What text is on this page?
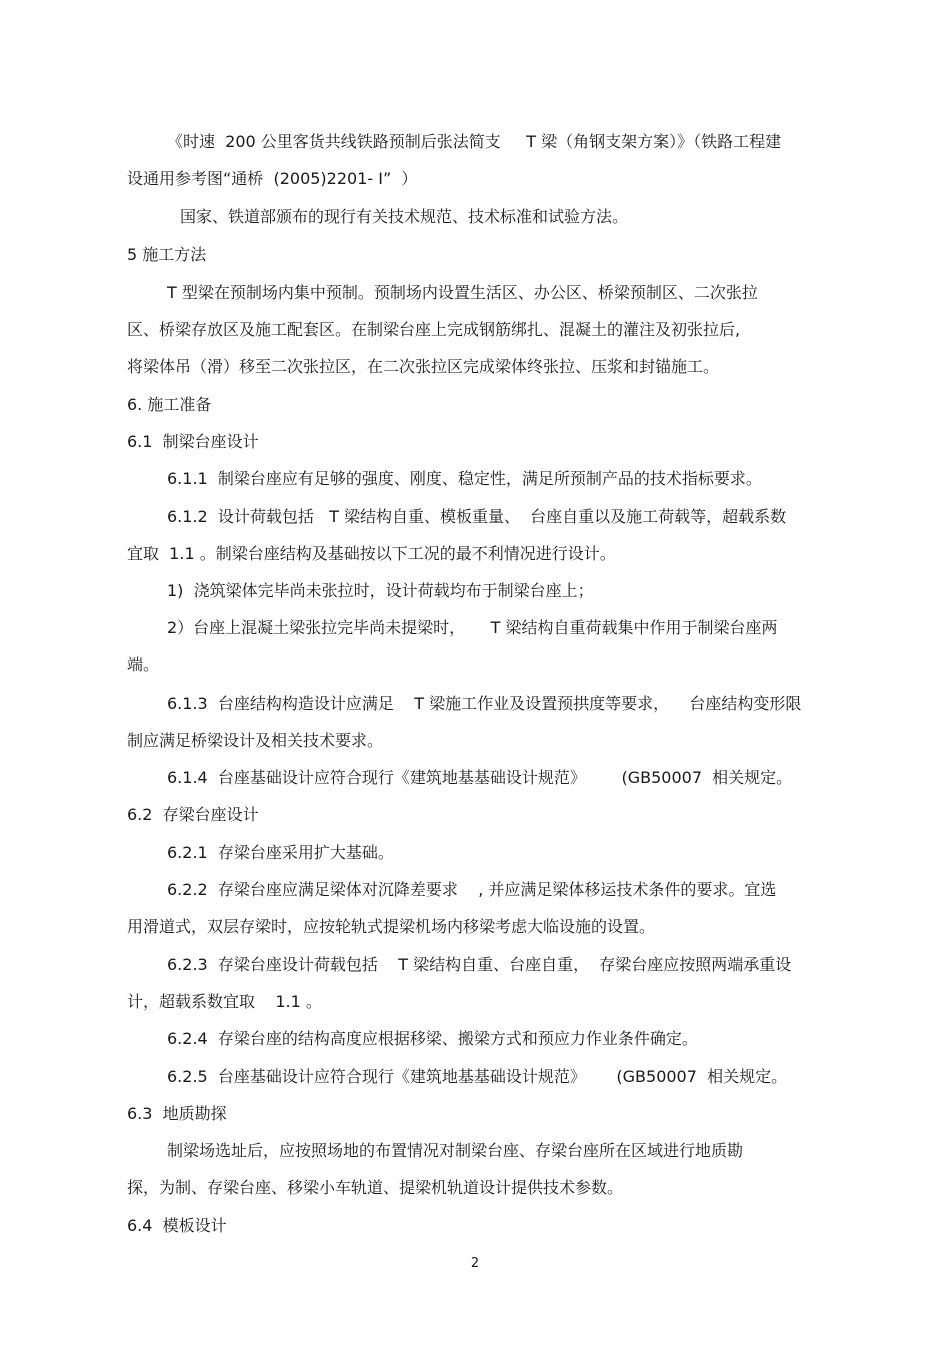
《时速  200 公里客货共线铁路预制后张法简支     T 梁（角钢支架方案）》（铁路工程建
设通用参考图“通桥  (2005)2201- Ⅰ”  ）
国家、铁道部颁布的现行有关技术规范、技术标准和试验方法。
5 施工方法
T 型梁在预制场内集中预制。预制场内设置生活区、办公区、桥梁预制区、二次张拉
区、桥梁存放区及施工配套区。在制梁台座上完成钢筋绑扎、混凝土的灌注及初张拉后,
将梁体吊（滑）移至二次张拉区，在二次张拉区完成梁体终张拉、压浆和封锚施工。
6. 施工准备
6.1  制梁台座设计
6.1.1  制梁台座应有足够的强度、刚度、稳定性，满足所预制产品的技术指标要求。
6.1.2  设计荷载包括   T 梁结构自重、模板重量、  台座自重以及施工荷载等，超载系数
宜取  1.1 。制梁台座结构及基础按以下工况的最不利情况进行设计。
1)  浇筑梁体完毕尚未张拉时，设计荷载均布于制梁台座上；
2）台座上混凝土梁张拉完毕尚未提梁时，     T 梁结构自重荷载集中作用于制梁台座两
端。
6.1.3  台座结构构造设计应满足    T 梁施工作业及设置预拱度等要求，    台座结构变形限
制应满足桥梁设计及相关技术要求。
6.1.4  台座基础设计应符合现行《建筑地基基础设计规范》       (GB50007  相关规定。
6.2  存梁台座设计
6.2.1  存梁台座采用扩大基础。
6.2.2  存梁台座应满足梁体对沉降差要求    , 并应满足梁体移运技术条件的要求。宜选
用滑道式，双层存梁时，应按轮轨式提梁机场内移梁考虑大临设施的设置。
6.2.3  存梁台座设计荷载包括    T 梁结构自重、台座自重，  存梁台座应按照两端承重设
计，超载系数宜取    1.1 。
6.2.4  存梁台座的结构高度应根据移梁、搬梁方式和预应力作业条件确定。
6.2.5  台座基础设计应符合现行《建筑地基基础设计规范》      (GB50007  相关规定。
6.3  地质勘探
制梁场选址后，应按照场地的布置情况对制梁台座、存梁台座所在区域进行地质勘
探，为制、存梁台座、移梁小车轨道、提梁机轨道设计提供技术参数。
6.4  模板设计
2
